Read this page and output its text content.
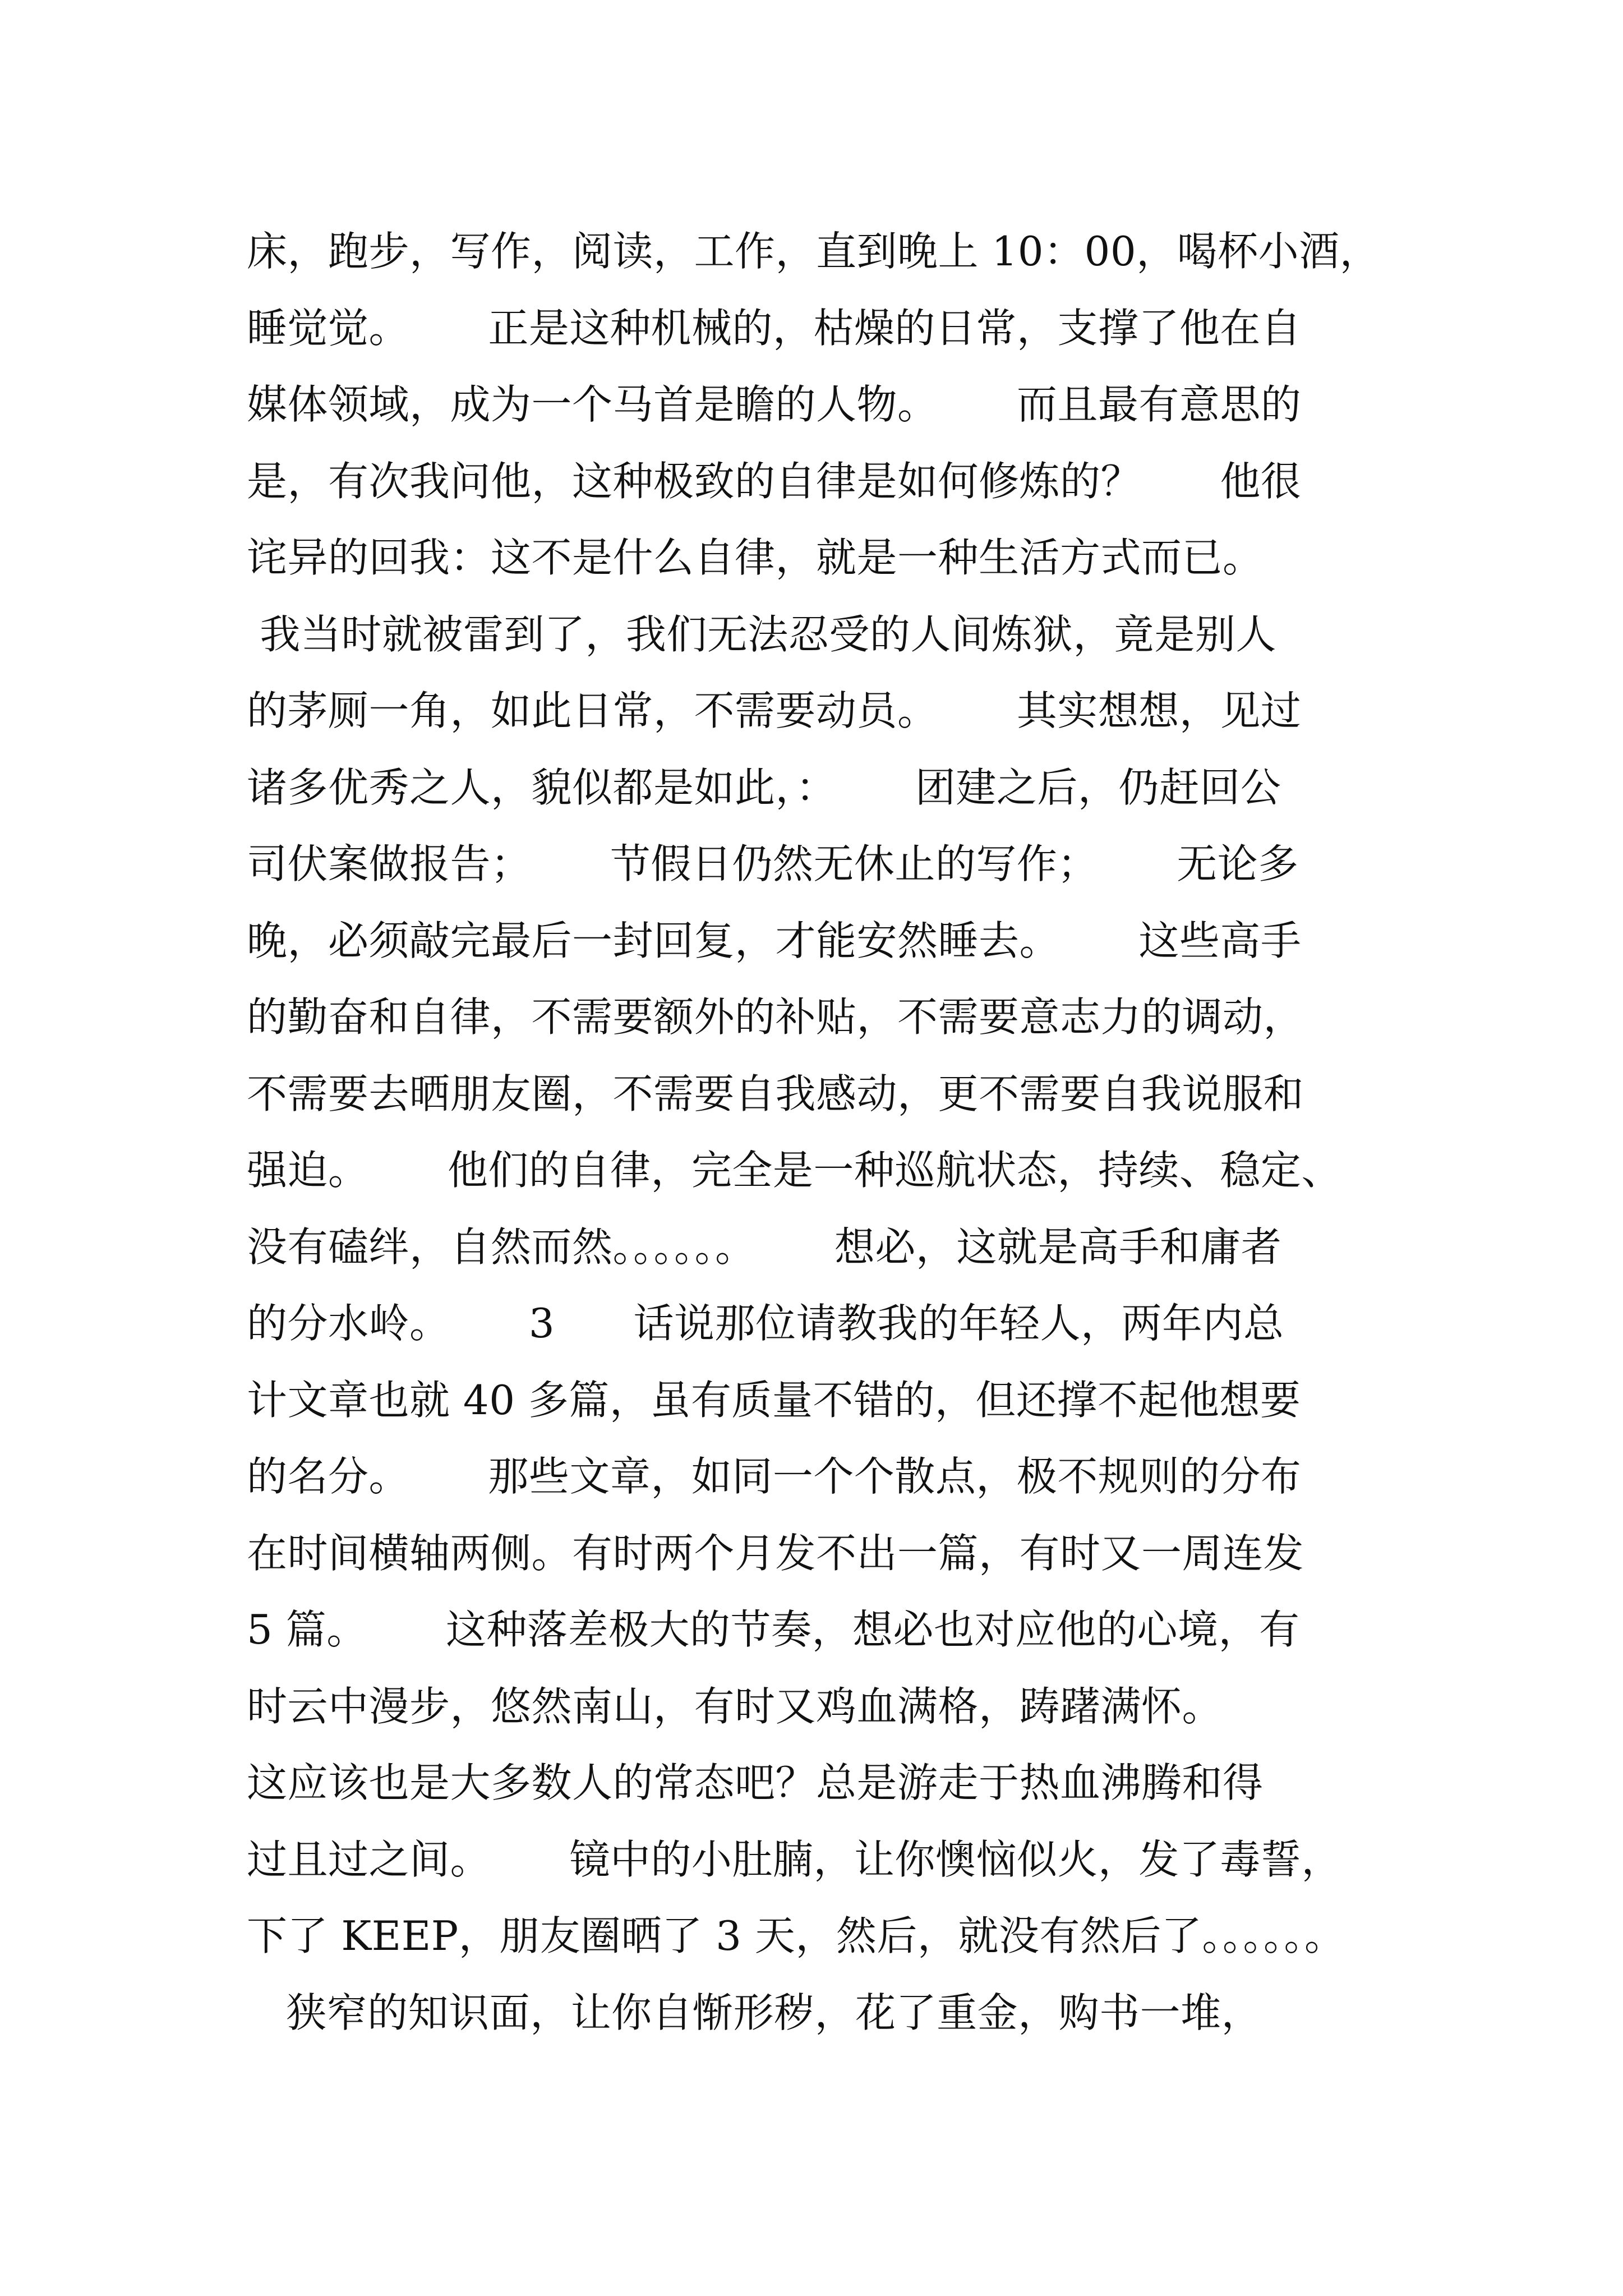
床，跑步，写作，阅读，工作，直到晚上 10：00，喝杯小酒，
睡觉觉。      正是这种机械的，枯燥的日常，支撑了他在自
媒体领域，成为一个马首是瞻的人物。      而且最有意思的
是，有次我问他，这种极致的自律是如何修炼的？      他很
诧异的回我：这不是什么自律，就是一种生活方式而已。
我当时就被雷到了，我们无法忍受的人间炼狱，竟是别人
的茅厕一角，如此日常，不需要动员。      其实想想，见过
诸多优秀之人，貌似都是如此，：      团建之后，仍赶回公
司伏案做报告；      节假日仍然无休止的写作；      无论多
晚，必须敲完最后一封回复，才能安然睡去。      这些高手
的勤奋和自律，不需要额外的补贴，不需要意志力的调动，
不需要去晒朋友圈，不需要自我感动，更不需要自我说服和
强迫。      他们的自律，完全是一种巡航状态，持续、稳定、
没有磕绊，自然而然。。。。。。      想必，这就是高手和庸者
的分水岭。      3      话说那位请教我的年轻人，两年内总
计文章也就 40 多篇，虽有质量不错的，但还撑不起他想要
的名分。      那些文章，如同一个个散点，极不规则的分布
在时间横轴两侧。有时两个月发不出一篇，有时又一周连发
5 篇。      这种落差极大的节奏，想必也对应他的心境，有
时云中漫步，悠然南山，有时又鸡血满格，踌躇满怀。
这应该也是大多数人的常态吧？总是游走于热血沸腾和得
过且过之间。      镜中的小肚腩，让你懊恼似火，发了毒誓，
下了 KEEP，朋友圈晒了 3 天，然后，就没有然后了。。。。。。
狭窄的知识面，让你自惭形秽，花了重金，购书一堆，
